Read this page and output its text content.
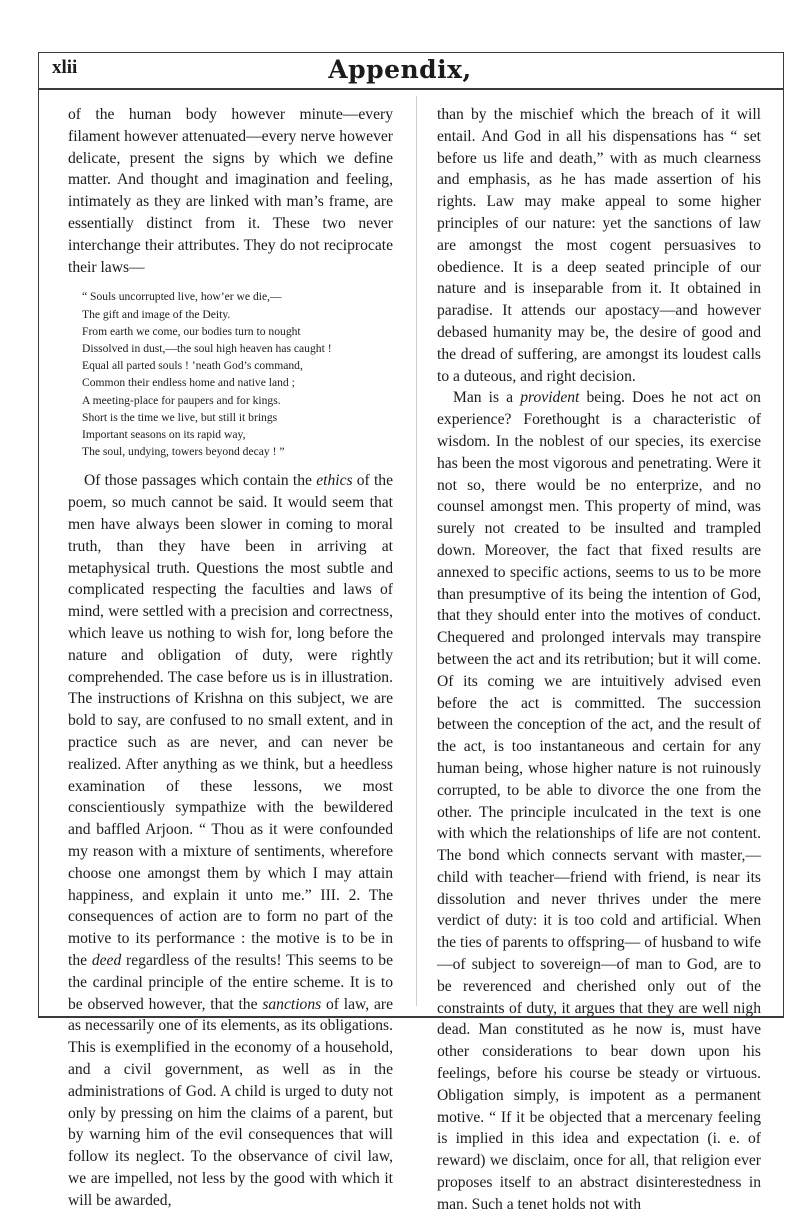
xlii	Appendix,

of the human body however minute—every filament however attenuated—every nerve however delicate, present the signs by which we define matter. And thought and imagination and feeling, intimately as they are linked with man’s frame, are essentially distinct from it. These two never interchange their attributes. They do not reciprocate their laws—

“ Souls uncorrupted live, how’er we die,—
The gift and image of the Deity.
From earth we come, our bodies turn to nought
Dissolved in dust,—the soul high heaven has caught !
Equal all parted souls ! ’neath God’s command,
Common their endless home and native land ;
A meeting-place for paupers and for kings.
Short is the time we live, but still it brings
Important seasons on its rapid way,
The soul, undying, towers beyond decay ! ”

Of those passages which contain the ethics of the poem, so much cannot be said. It would seem that men have always been slower in coming to moral truth, than they have been in arriving at metaphysical truth. Questions the most subtle and complicated respecting the faculties and laws of mind, were settled with a precision and correctness, which leave us nothing to wish for, long before the nature and obligation of duty, were rightly comprehended. The case before us is in illustration. The instructions of Krishna on this subject, we are bold to say, are confused to no small extent, and in practice such as are never, and can never be realized. After anything as we think, but a heedless examination of these lessons, we most conscientiously sympathize with the bewildered and baffled Arjoon. “ Thou as it were confounded my reason with a mixture of sentiments, wherefore choose one amongst them by which I may attain happiness, and explain it unto me.” III. 2. The consequences of action are to form no part of the motive to its performance : the motive is to be in the deed regardless of the results! This seems to be the cardinal principle of the entire scheme. It is to be observed however, that the sanctions of law, are as necessarily one of its elements, as its obligations. This is exemplified in the economy of a household, and a civil government, as well as in the administrations of God. A child is urged to duty not only by pressing on him the claims of a parent, but by warning him of the evil consequences that will follow its neglect. To the observance of civil law, we are impelled, not less by the good with which it will be awarded,

than by the mischief which the breach of it will entail. And God in all his dispensations has “ set before us life and death,” with as much clearness and emphasis, as he has made assertion of his rights. Law may make appeal to some higher principles of our nature: yet the sanctions of law are amongst the most cogent persuasives to obedience. It is a deep seated principle of our nature and is inseparable from it. It obtained in paradise. It attends our apostacy—and however debased humanity may be, the desire of good and the dread of suffering, are amongst its loudest calls to a duteous, and right decision.

Man is a provident being. Does he not act on experience? Forethought is a characteristic of wisdom. In the noblest of our species, its exercise has been the most vigorous and penetrating. Were it not so, there would be no enterprize, and no counsel amongst men. This property of mind, was surely not created to be insulted and trampled down. Moreover, the fact that fixed results are annexed to specific actions, seems to us to be more than presumptive of its being the intention of God, that they should enter into the motives of conduct. Chequered and prolonged intervals may transpire between the act and its retribution; but it will come. Of its coming we are intuitively advised even before the act is committed. The succession between the conception of the act, and the result of the act, is too instantaneous and certain for any human being, whose higher nature is not ruinously corrupted, to be able to divorce the one from the other. The principle inculcated in the text is one with which the relationships of life are not content. The bond which connects servant with master,—child with teacher—friend with friend, is near its dissolution and never thrives under the mere verdict of duty: it is too cold and artificial. When the ties of parents to offspring— of husband to wife—of subject to sovereign—of man to God, are to be reverenced and cherished only out of the constraints of duty, it argues that they are well nigh dead. Man constituted as he now is, must have other considerations to bear down upon his feelings, before his course be steady or virtuous. Obligation simply, is impotent as a permanent motive. “ If it be objected that a mercenary feeling is implied in this idea and expectation (i. e. of reward) we disclaim, once for all, that religion ever proposes itself to an abstract disinterestedness in man. Such a tenet holds not with
